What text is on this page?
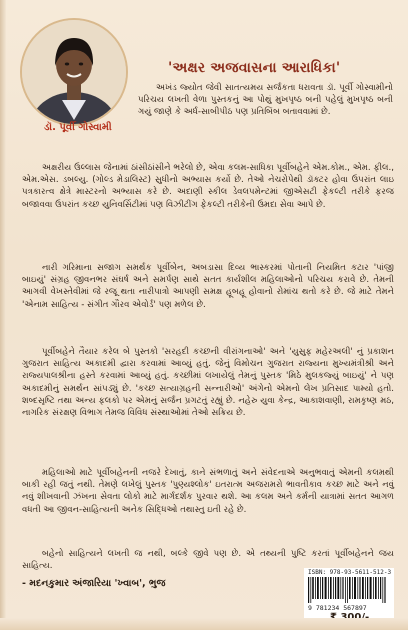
ડૉ. પૂર્વી ગોસ્વામી
'અક્ષર અજવાસના આરાધિકા'
અખંડ જ્યોત જેવી સાતત્યમય સર્જકતા ધરાવતા ડૉ. પૂર્વી ગોસ્વામીનો પરિચય લખતી વેળા પુસ્તકનું આ પોથું મુખપૃષ્ઠ બની પહેલું મુખપૃષ્ઠ બની ગયું જાણે કે અર્ધ-સાબીપીઠ પણ પ્રતિબિંબ બતાવવામાં છે.
અક્ષરીય ઉલ્લાસ જેનામાં ઠાંસીઠાંસીને ભરેલો છે, એવા કલમ-સાધિકા પૂર્વીબહેને એમ.કોમ., એમ. ફીલ., એમ.એસ. ડબલ્યુ. (ગોલ્ડ મેડાલિસ્ટ) સુધીનો અભ્યાસ કર્યો છે. તેઓ નેચરોપેથી ડૉક્ટર હોવા ઉપરાંત લાઇ પત્રકારત્વ ક્ષેત્રે માસ્ટરનો અભ્યાસ કરે છે. અદાણી સ્કીલ ડેવલપમેન્ટમાં જીએસટી ફેકલ્ટી તરીકે ફરજ બજાવવા ઉપરાંત કચ્છ યુનિવર્સિટીમાં પણ વિઝીટીંગ ફેકલ્ટી તરીકેની ઉમદા સેવા આપે છે.
નારી ગરિમાના સજાગ સમર્થક પૂર્વીબેન, અબડાસા દિવ્ય ભાસ્કરમાં પોતાની નિયમિત કટાર 'પાંજી બાઇયું' સંગ્રહ જીવનભર સંઘર્ષ અને સમર્પણ સાથે સતત કાર્યશીલ મહિલાઓનો પરિચય કરાવે છે. તેમની આગવી વેખસ્તેવીમાં જે રજૂ થતા નારીપાત્રો આપણી સમક્ષ હૂબહૂ હોવાનો રોમાંચ થતો કરે છે. જે માટે તેમને 'એનામ સાહિત્ય - સંગીત ગૌરવ એવોર્ડ' પણ મળેલ છે.
પૂર્વીબહેને તૈયાર કરેલ બે પુસ્તકો 'સરહદી કચ્છની વીરાંગનાઓ' અને 'યુસુફ મહેરઅલી' નું પ્રકાશન ગુજરાત સાહિત્ય અકાદમી દ્વારા કરવામાં આવ્યું હતું. જેનું વિમોચન ગુજરાત રાજ્યના મુખ્યમંત્રીશ્રી અને રાજ્યપાલશ્રીના હસ્તે કરવામાં આવ્યું હતું. કચ્છીમાં લખાયેલું તેમનું પુસ્તક 'મિઠે મુલકજ્યું બાઇયું' ને પણ અકાદમીનું સમર્થન સાંપડ્યું છે. 'કચ્છ સત્યાગ્રહની સન્નારીઓ' અંગેનો એમનો લેખ પ્રતિસાદ પામ્યો હતો. શબ્દસૃષ્ટિ તથા અન્ય ફલકો પર એમનું સર્જન પ્રગટતું રહ્યું છે. નહેરુ યુવા કેન્દ્ર, આકાશવાણી, રામકૃષ્ણ મઠ, નાગરિક સંરક્ષણ વિભાગ તેમજ વિવિધ સંસ્થાઓમાં તેઓ સક્રિય છે.
મહિલાઓ માટે પૂર્વીબહેનની નજરે દેખાતું, કાને સંભળાતું અને સંવેદનાએ અનુભવાતું એમની કલમથી બાકી રહી જતું નથી. તેમણે લખેલું પુસ્તક 'પુણ્યશ્લોક' ઇતરાત્મ અજરામરો ભાવતીકાવ કચ્છ માટે અને નવું નવું શીખવાની ઝંખના સેવતા લોકો માટે માર્ગદર્શક પુરવાર થશે. આ કલમ અને કર્મની યાત્રામાં સતત આગળ વધતી આ જીવન-સાહિત્યની અનેક સિદ્ધિઓ તથાસ્તુ ઇતી રહે છે.
બહેનો સાહિત્યને લખતી જ નથી, બલ્કે જીવે પણ છે. એ તથ્યની પુષ્ટિ કરતાં પૂર્વીબહેનને જય સાહિત્ય.
- મદનકુમાર અંજારિયા 'ખ્વાબ', ભુજ
ISBN: 978-93-5611-512-3
9 781234 567897
